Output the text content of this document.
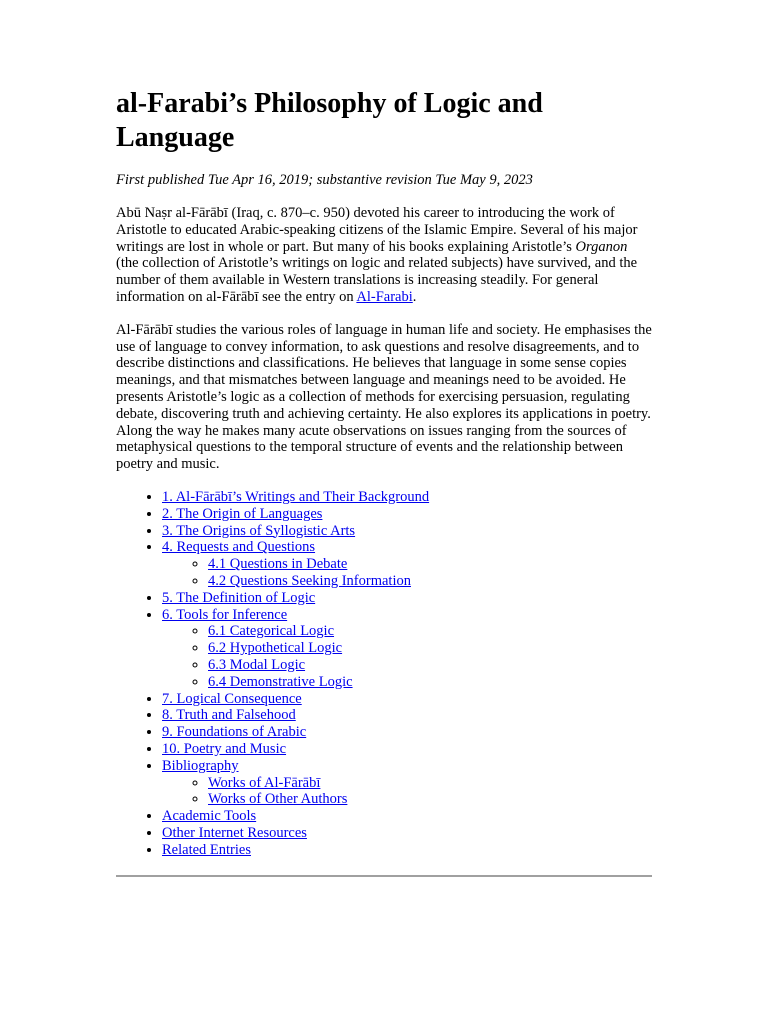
al-Farabi’s Philosophy of Logic and Language
First published Tue Apr 16, 2019; substantive revision Tue May 9, 2023

Abū Naṣr al-Fārābī (Iraq, c. 870–c. 950) devoted his career to introducing the work of Aristotle to educated Arabic-speaking citizens of the Islamic Empire. Several of his major writings are lost in whole or part. But many of his books explaining Aristotle’s Organon (the collection of Aristotle’s writings on logic and related subjects) have survived, and the number of them available in Western translations is increasing steadily. For general information on al-Fārābī see the entry on Al-Farabi.

Al-Fārābī studies the various roles of language in human life and society. He emphasises the use of language to convey information, to ask questions and resolve disagreements, and to describe distinctions and classifications. He believes that language in some sense copies meanings, and that mismatches between language and meanings need to be avoided. He presents Aristotle’s logic as a collection of methods for exercising persuasion, regulating debate, discovering truth and achieving certainty. He also explores its applications in poetry. Along the way he makes many acute observations on issues ranging from the sources of metaphysical questions to the temporal structure of events and the relationship between poetry and music.

• 1. Al-Fārābī’s Writings and Their Background
• 2. The Origin of Languages
• 3. The Origins of Syllogistic Arts
• 4. Requests and Questions
◦ 4.1 Questions in Debate
◦ 4.2 Questions Seeking Information
• 5. The Definition of Logic
• 6. Tools for Inference
◦ 6.1 Categorical Logic
◦ 6.2 Hypothetical Logic
◦ 6.3 Modal Logic
◦ 6.4 Demonstrative Logic
• 7. Logical Consequence
• 8. Truth and Falsehood
• 9. Foundations of Arabic
• 10. Poetry and Music
• Bibliography
◦ Works of Al-Fārābī
◦ Works of Other Authors
• Academic Tools
• Other Internet Resources
• Related Entries
